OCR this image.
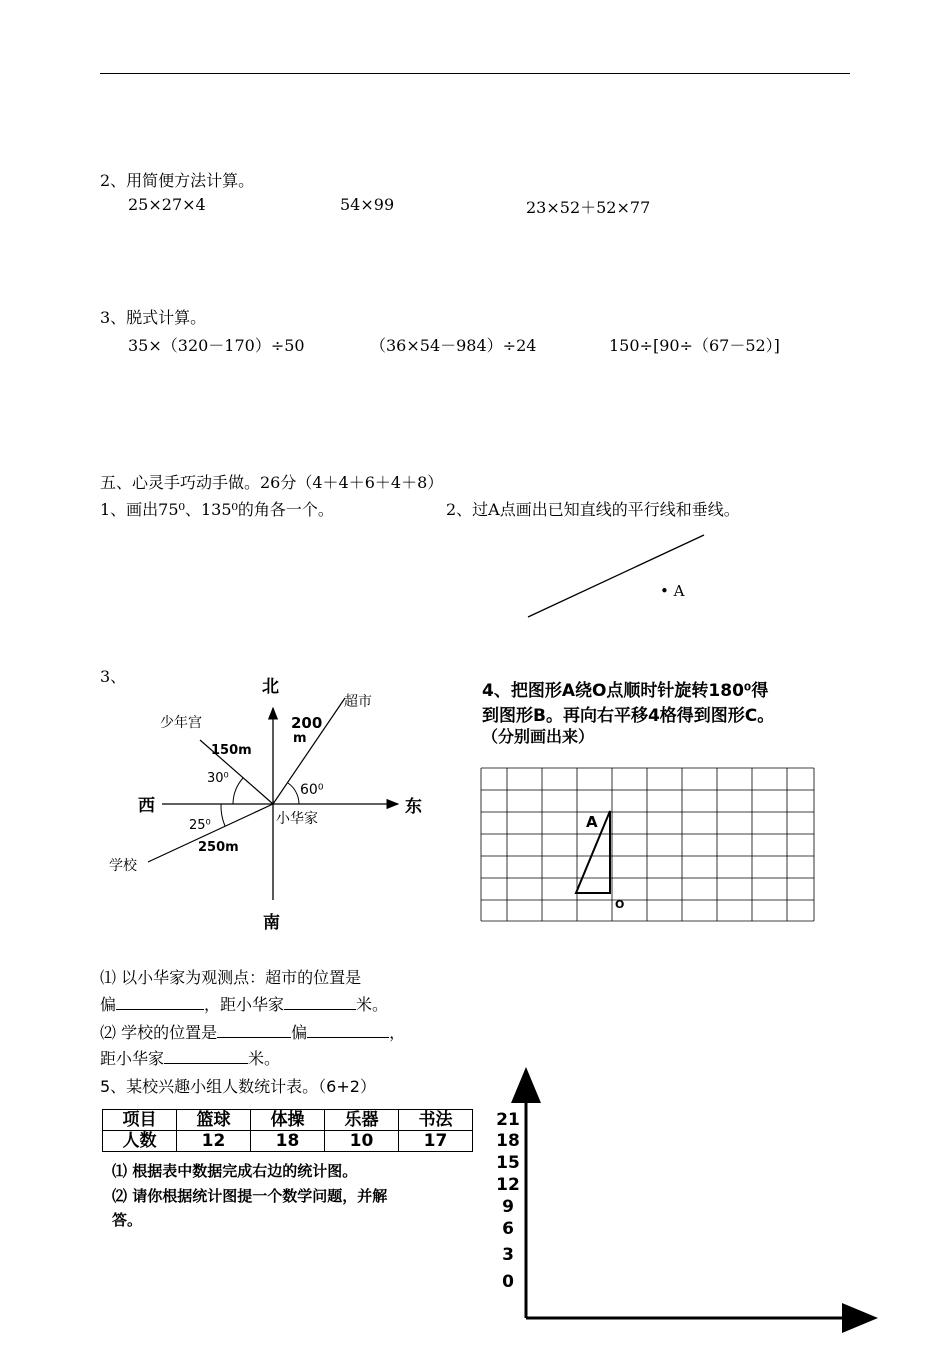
2、用简便方法计算。
25×27×4	54×99	23×52＋52×77
3、脱式计算。
35×（320－170）÷50	（36×54－984）÷24	150÷[90÷（67－52）]
五、心灵手巧动手做。26分（4＋4＋6＋4＋8）
1、画出75⁰、135⁰的角各一个。	2、过A点画出已知直线的平行线和垂线。
• A
3、
北
南
西	东
超市
少年宫
学校
小华家
200
m
150m
250m
30⁰
60⁰
25⁰
4、把图形A绕O点顺时针旋转180⁰得
到图形B。再向右平移4格得到图形C。
（分别画出来）
A
O
⑴ 以小华家为观测点：超市的位置是
偏	，距小华家	米。
⑵ 学校的位置是	偏	，
距小华家	米。
5、某校兴趣小组人数统计表。（6+2）
项目	篮球	体操	乐器	书法
人数	12	18	10	17
⑴ 根据表中数据完成右边的统计图。
⑵ 请你根据统计图提一个数学问题，并解
答。
21
18
15
12
9
6
3
0
